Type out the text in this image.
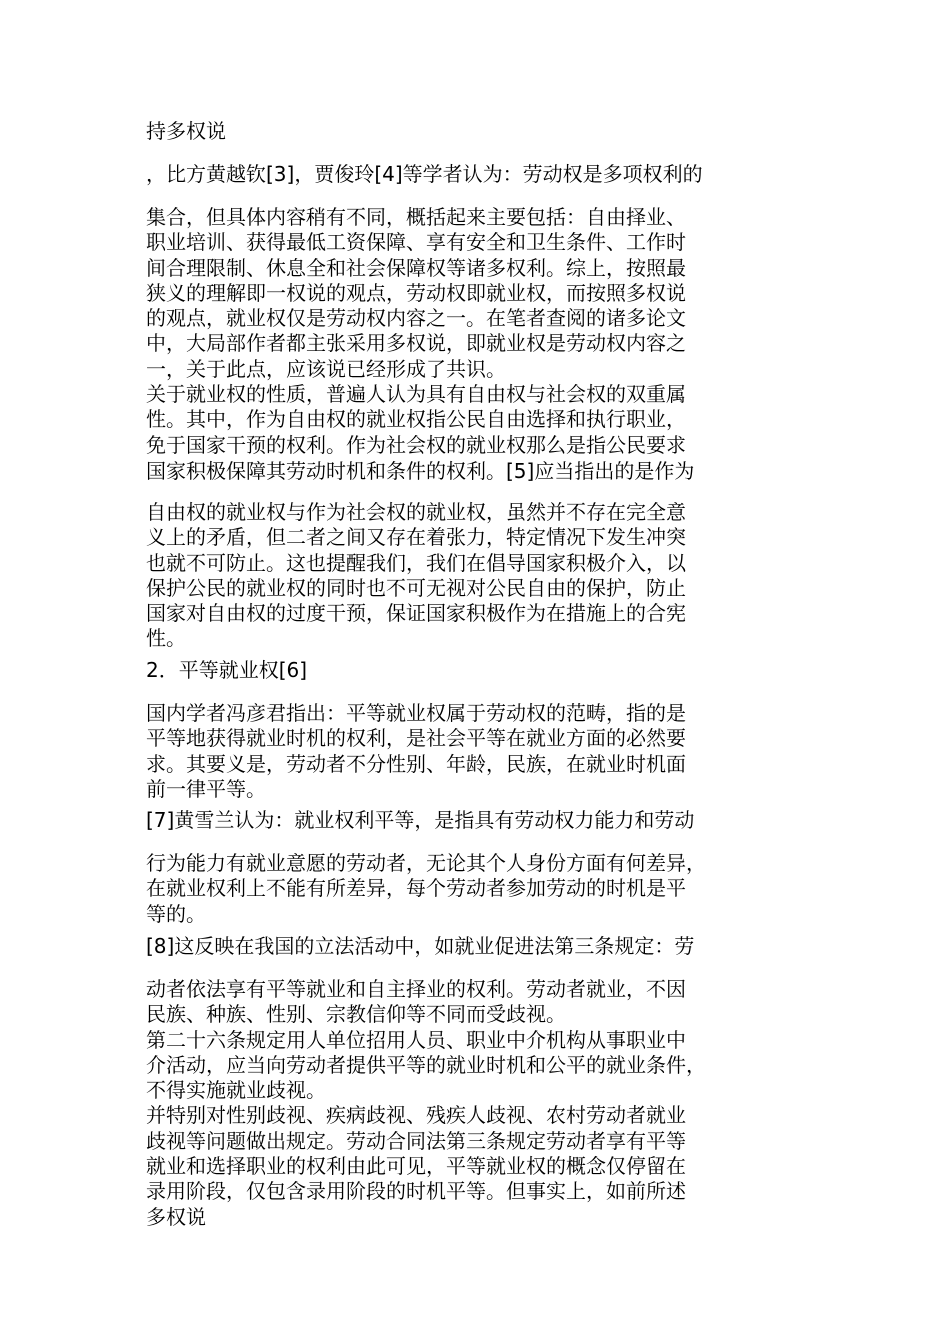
持多权说
，比方黄越钦[3]，贾俊玲[4]等学者认为：劳动权是多项权利的
集合，但具体内容稍有不同，概括起来主要包括：自由择业、
职业培训、获得最低工资保障、享有安全和卫生条件、工作时
间合理限制、休息全和社会保障权等诸多权利。综上，按照最
狭义的理解即一权说的观点，劳动权即就业权，而按照多权说
的观点，就业权仅是劳动权内容之一。在笔者查阅的诸多论文
中，大局部作者都主张采用多权说，即就业权是劳动权内容之
一，关于此点，应该说已经形成了共识。
关于就业权的性质，普遍人认为具有自由权与社会权的双重属
性。其中，作为自由权的就业权指公民自由选择和执行职业，
免于国家干预的权利。作为社会权的就业权那么是指公民要求
国家积极保障其劳动时机和条件的权利。[5]应当指出的是作为
自由权的就业权与作为社会权的就业权，虽然并不存在完全意
义上的矛盾，但二者之间又存在着张力，特定情况下发生冲突
也就不可防止。这也提醒我们，我们在倡导国家积极介入，以
保护公民的就业权的同时也不可无视对公民自由的保护，防止
国家对自由权的过度干预，保证国家积极作为在措施上的合宪
性。
2．平等就业权[6]
国内学者冯彦君指出：平等就业权属于劳动权的范畴，指的是
平等地获得就业时机的权利，是社会平等在就业方面的必然要
求。其要义是，劳动者不分性别、年龄，民族，在就业时机面
前一律平等。
[7]黄雪兰认为：就业权利平等，是指具有劳动权力能力和劳动
行为能力有就业意愿的劳动者，无论其个人身份方面有何差异，
在就业权利上不能有所差异，每个劳动者参加劳动的时机是平
等的。
[8]这反映在我国的立法活动中，如就业促进法第三条规定：劳
动者依法享有平等就业和自主择业的权利。劳动者就业，不因
民族、种族、性别、宗教信仰等不同而受歧视。
第二十六条规定用人单位招用人员、职业中介机构从事职业中
介活动，应当向劳动者提供平等的就业时机和公平的就业条件，
不得实施就业歧视。
并特别对性别歧视、疾病歧视、残疾人歧视、农村劳动者就业
歧视等问题做出规定。劳动合同法第三条规定劳动者享有平等
就业和选择职业的权利由此可见，平等就业权的概念仅停留在
录用阶段，仅包含录用阶段的时机平等。但事实上，如前所述
多权说
